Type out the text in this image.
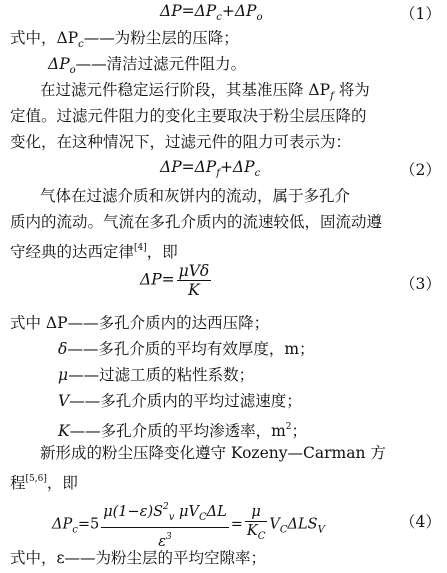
$\Delta P=\Delta P_c+\Delta P_o$	（1）
式中，$\Delta P_c——$为粉尘层的压降；
$\Delta P_o——$清洁过滤元件阻力。
在过滤元件稳定运行阶段，其基准压降 $\Delta P_f$ 将为
定值。过滤元件阻力的变化主要取决于粉尘层压降的
变化，在这种情况下，过滤元件的阻力可表示为：
$\Delta P=\Delta P_f+\Delta P_c$	（2）
气体在过滤介质和灰饼内的流动，属于多孔介
质内的流动。气流在多孔介质内的流速较低，固流动遵
守经典的达西定律[4]，即
$\Delta P= \frac{\text{μVδ}}{K}$	（3）
式中 ΔP——多孔介质内的达西压降；
δ——多孔介质的平均有效厚度，m；
μ——过滤工质的粘性系数；
V——多孔介质内的平均过滤速度；
K——多孔介质的平均渗透率，$m^2$；
新形成的粉尘压降变化遵守 Kozeny—Carman 方
程[5,6]，即
$\Delta P_c=5 \frac{\mu(1-\varepsilon)S^2_v \mu V_C\Delta L}{\varepsilon^3} = \frac{\mu}{K_C} V_C\Delta LS_V$	（4）
式中，ε——为粉尘层的平均空隙率；
